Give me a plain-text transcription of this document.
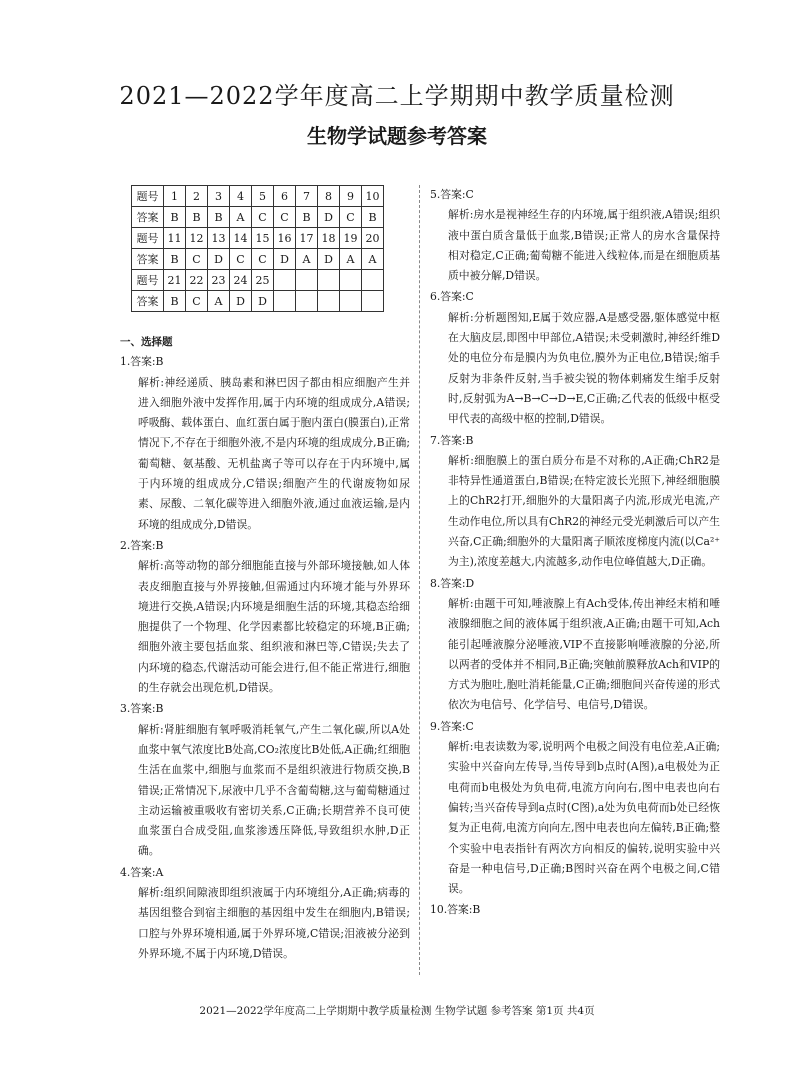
2021—2022学年度高二上学期期中教学质量检测
生物学试题参考答案
题号	1	2	3	4	5	6	7	8	9	10
答案	B	B	B	A	C	C	B	D	C	B
题号	11	12	13	14	15	16	17	18	19	20
答案	B	C	D	C	C	D	A	D	A	A
题号	21	22	23	24	25					
答案	B	C	A	D	D					
一、选择题

1.答案:B

解析:神经递质、胰岛素和淋巴因子都由相应细胞产生并进入细胞外液中发挥作用,属于内环境的组成成分,A错误;呼吸酶、载体蛋白、血红蛋白属于胞内蛋白(膜蛋白),正常情况下,不存在于细胞外液,不是内环境的组成成分,B正确;葡萄糖、氨基酸、无机盐离子等可以存在于内环境中,属于内环境的组成成分,C错误;细胞产生的代谢废物如尿素、尿酸、二氧化碳等进入细胞外液,通过血液运输,是内环境的组成成分,D错误。

2.答案:B

解析:高等动物的部分细胞能直接与外部环境接触,如人体表皮细胞直接与外界接触,但需通过内环境才能与外界环境进行交换,A错误;内环境是细胞生活的环境,其稳态给细胞提供了一个物理、化学因素都比较稳定的环境,B正确;细胞外液主要包括血浆、组织液和淋巴等,C错误;失去了内环境的稳态,代谢活动可能会进行,但不能正常进行,细胞的生存就会出现危机,D错误。

3.答案:B

解析:肾脏细胞有氧呼吸消耗氧气,产生二氧化碳,所以A处血浆中氧气浓度比B处高,CO₂浓度比B处低,A正确;红细胞生活在血浆中,细胞与血浆而不是组织液进行物质交换,B错误;正常情况下,尿液中几乎不含葡萄糖,这与葡萄糖通过主动运输被重吸收有密切关系,C正确;长期营养不良可使血浆蛋白合成受阻,血浆渗透压降低,导致组织水肿,D正确。

4.答案:A

解析:组织间隙液即组织液属于内环境组分,A正确;病毒的基因组整合到宿主细胞的基因组中发生在细胞内,B错误;口腔与外界环境相通,属于外界环境,C错误;泪液被分泌到外界环境,不属于内环境,D错误。

5.答案:C

解析:房水是视神经生存的内环境,属于组织液,A错误;组织液中蛋白质含量低于血浆,B错误;正常人的房水含量保持相对稳定,C正确;葡萄糖不能进入线粒体,而是在细胞质基质中被分解,D错误。

6.答案:C

解析:分析题图知,E属于效应器,A是感受器,躯体感觉中枢在大脑皮层,即图中甲部位,A错误;未受刺激时,神经纤维D处的电位分布是膜内为负电位,膜外为正电位,B错误;缩手反射为非条件反射,当手被尖锐的物体刺痛发生缩手反射时,反射弧为A→B→C→D→E,C正确;乙代表的低级中枢受甲代表的高级中枢的控制,D错误。

7.答案:B

解析:细胞膜上的蛋白质分布是不对称的,A正确;ChR2是非特异性通道蛋白,B错误;在特定波长光照下,神经细胞膜上的ChR2打开,细胞外的大量阳离子内流,形成光电流,产生动作电位,所以具有ChR2的神经元受光刺激后可以产生兴奋,C正确;细胞外的大量阳离子顺浓度梯度内流(以Ca²⁺为主),浓度差越大,内流越多,动作电位峰值越大,D正确。

8.答案:D

解析:由题干可知,唾液腺上有Ach受体,传出神经末梢和唾液腺细胞之间的液体属于组织液,A正确;由题干可知,Ach能引起唾液腺分泌唾液,VIP不直接影响唾液腺的分泌,所以两者的受体并不相同,B正确;突触前膜释放Ach和VIP的方式为胞吐,胞吐消耗能量,C正确;细胞间兴奋传递的形式依次为电信号、化学信号、电信号,D错误。

9.答案:C

解析:电表读数为零,说明两个电极之间没有电位差,A正确;实验中兴奋向左传导,当传导到b点时(A图),a电极处为正电荷而b电极处为负电荷,电流方向向右,图中电表也向右偏转;当兴奋传导到a点时(C图),a处为负电荷而b处已经恢复为正电荷,电流方向向左,图中电表也向左偏转,B正确;整个实验中电表指针有两次方向相反的偏转,说明实验中兴奋是一种电信号,D正确;B图时兴奋在两个电极之间,C错误。

10.答案:B

2021—2022学年度高二上学期期中教学质量检测 生物学试题 参考答案 第1页 共4页
